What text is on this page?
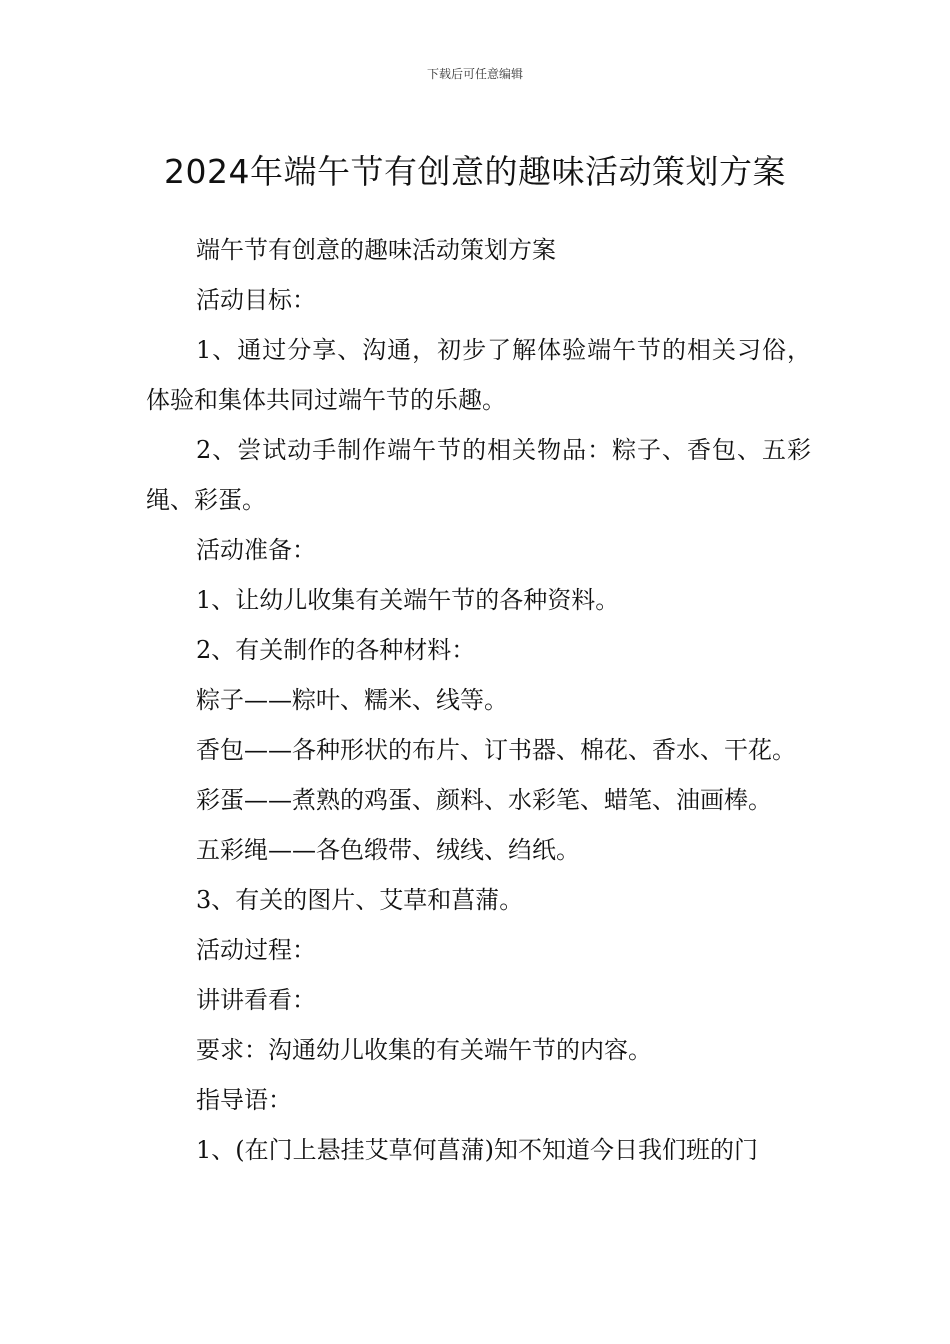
下载后可任意编辑
2024年端午节有创意的趣味活动策划方案

端午节有创意的趣味活动策划方案

活动目标：

1、通过分享、沟通，初步了解体验端午节的相关习俗，体验和集体共同过端午节的乐趣。

2、尝试动手制作端午节的相关物品：粽子、香包、五彩绳、彩蛋。

活动准备：

1、让幼儿收集有关端午节的各种资料。

2、有关制作的各种材料：

粽子——粽叶、糯米、线等。

香包——各种形状的布片、订书器、棉花、香水、干花。

彩蛋——煮熟的鸡蛋、颜料、水彩笔、蜡笔、油画棒。

五彩绳——各色缎带、绒线、绉纸。

3、有关的图片、艾草和菖蒲。

活动过程：

讲讲看看：

要求：沟通幼儿收集的有关端午节的内容。

指导语：

1、(在门上悬挂艾草何菖蒲)知不知道今日我们班的门
